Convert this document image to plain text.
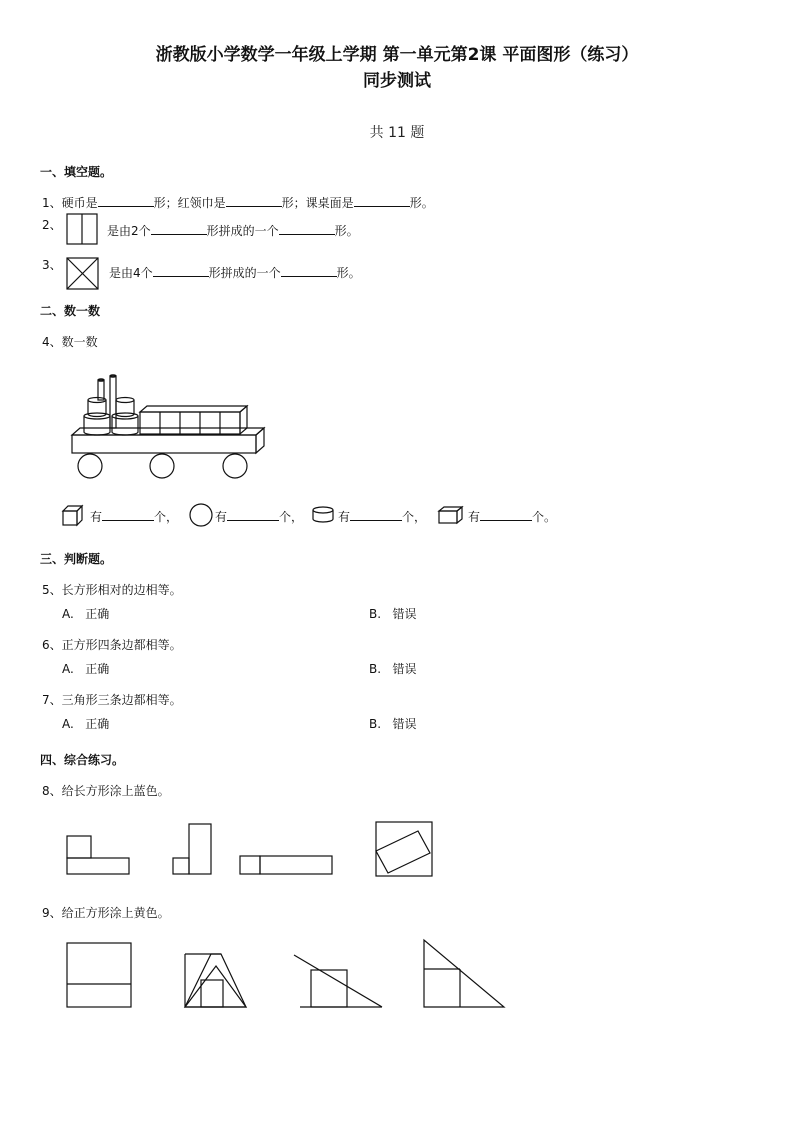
浙教版小学数学一年级上学期 第一单元第2课 平面图形（练习）
同步测试
共 11 题
一、填空题。
1、硬币是	形；红领巾是	形；课桌面是	形。
2、	是由2个	形拼成的一个	形。
3、
是由4个	形拼成的一个	形。
二、数一数
4、数一数
有	个，	有	个，	有	个，	有	个。
三、判断题。
5、长方形相对的边相等。
A. 正确	B. 错误
6、正方形四条边都相等。
A. 正确	B. 错误
7、三角形三条边都相等。
A. 正确	B. 错误
四、综合练习。
8、给长方形涂上蓝色。
9、给正方形涂上黄色。
